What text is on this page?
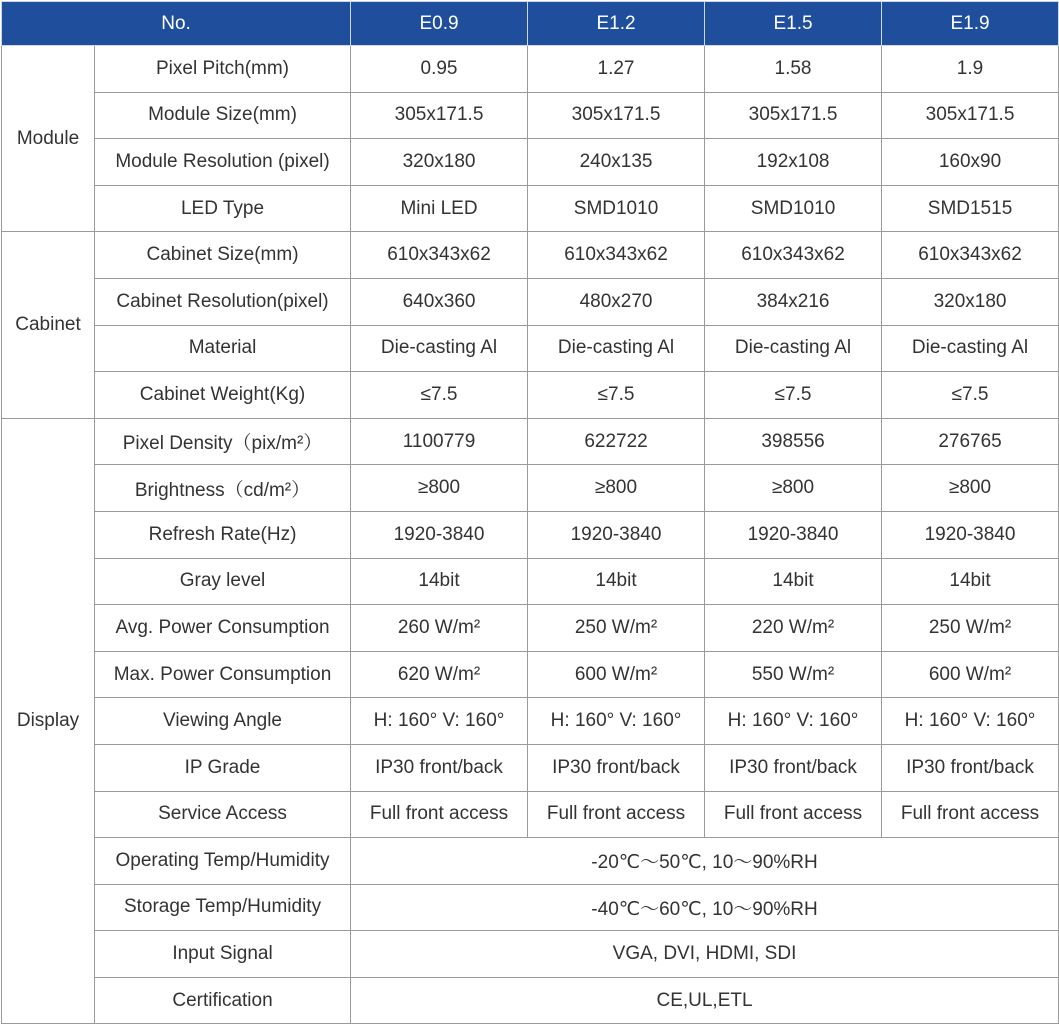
No.		E0.9	E1.2	E1.5	E1.9
Module	Pixel Pitch(mm)	0.95	1.27	1.58	1.9
	Module Size(mm)	305x171.5	305x171.5	305x171.5	305x171.5
	Module Resolution (pixel)	320x180	240x135	192x108	160x90
	LED Type	Mini LED	SMD1010	SMD1010	SMD1515
Cabinet	Cabinet Size(mm)	610x343x62	610x343x62	610x343x62	610x343x62
	Cabinet Resolution(pixel)	640x360	480x270	384x216	320x180
	Material	Die-casting Al	Die-casting Al	Die-casting Al	Die-casting Al
	Cabinet Weight(Kg)	≤7.5	≤7.5	≤7.5	≤7.5
Display	Pixel Density（pix/m²）	1100779	622722	398556	276765
	Brightness（cd/m²）	≥800	≥800	≥800	≥800
	Refresh Rate(Hz)	1920-3840	1920-3840	1920-3840	1920-3840
	Gray level	14bit	14bit	14bit	14bit
	Avg. Power Consumption	260 W/m²	250 W/m²	220 W/m²	250 W/m²
	Max. Power Consumption	620 W/m²	600 W/m²	550 W/m²	600 W/m²
	Viewing Angle	H: 160° V: 160°	H: 160° V: 160°	H: 160° V: 160°	H: 160° V: 160°
	IP Grade	IP30 front/back	IP30 front/back	IP30 front/back	IP30 front/back
	Service Access	Full front access	Full front access	Full front access	Full front access
	Operating Temp/Humidity	-20℃～50℃, 10～90%RH			
	Storage Temp/Humidity	-40℃～60℃, 10～90%RH			
	Input Signal	VGA, DVI, HDMI, SDI			
	Certification	CE,UL,ETL			
